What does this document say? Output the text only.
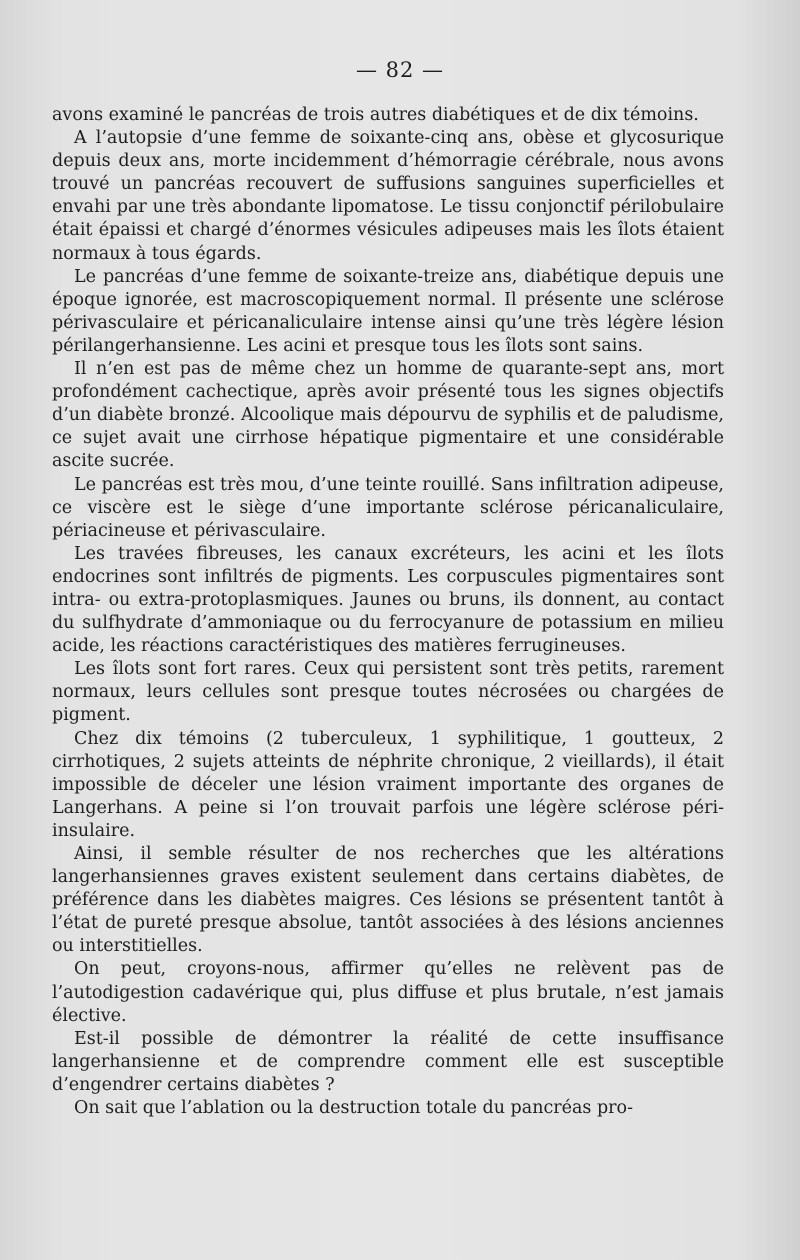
— 82 —

avons examiné le pancréas de trois autres diabétiques et de dix témoins.

A l’autopsie d’une femme de soixante-cinq ans, obèse et glycosurique depuis deux ans, morte incidemment d’hémorragie cérébrale, nous avons trouvé un pancréas recouvert de suffusions sanguines superficielles et envahi par une très abondante lipomatose. Le tissu conjonctif périlobulaire était épaissi et chargé d’énormes vésicules adipeuses mais les îlots étaient normaux à tous égards.

Le pancréas d’une femme de soixante-treize ans, diabétique depuis une époque ignorée, est macroscopiquement normal. Il présente une sclérose périvasculaire et péricanaliculaire intense ainsi qu’une très légère lésion périlangerhansienne. Les acini et presque tous les îlots sont sains.

Il n’en est pas de même chez un homme de quarante-sept ans, mort profondément cachectique, après avoir présenté tous les signes objectifs d’un diabète bronzé. Alcoolique mais dépourvu de syphilis et de paludisme, ce sujet avait une cirrhose hépatique pigmentaire et une considérable ascite sucrée.

Le pancréas est très mou, d’une teinte rouillé. Sans infiltration adipeuse, ce viscère est le siège d’une importante sclérose péricanaliculaire, périacineuse et périvasculaire.

Les travées fibreuses, les canaux excréteurs, les acini et les îlots endocrines sont infiltrés de pigments. Les corpuscules pigmentaires sont intra- ou extra-protoplasmiques. Jaunes ou bruns, ils donnent, au contact du sulfhydrate d’ammoniaque ou du ferrocyanure de potassium en milieu acide, les réactions caractéristiques des matières ferrugineuses.

Les îlots sont fort rares. Ceux qui persistent sont très petits, rarement normaux, leurs cellules sont presque toutes nécrosées ou chargées de pigment.

Chez dix témoins (2 tuberculeux, 1 syphilitique, 1 goutteux, 2 cirrhotiques, 2 sujets atteints de néphrite chronique, 2 vieillards), il était impossible de déceler une lésion vraiment importante des organes de Langerhans. A peine si l’on trouvait parfois une légère sclérose péri-insulaire.

Ainsi, il semble résulter de nos recherches que les altérations langerhansiennes graves existent seulement dans certains diabètes, de préférence dans les diabètes maigres. Ces lésions se présentent tantôt à l’état de pureté presque absolue, tantôt associées à des lésions anciennes ou interstitielles.

On peut, croyons-nous, affirmer qu’elles ne relèvent pas de l’autodigestion cadavérique qui, plus diffuse et plus brutale, n’est jamais élective.

Est-il possible de démontrer la réalité de cette insuffisance langerhansienne et de comprendre comment elle est susceptible d’engendrer certains diabètes ?

On sait que l’ablation ou la destruction totale du pancréas pro-
